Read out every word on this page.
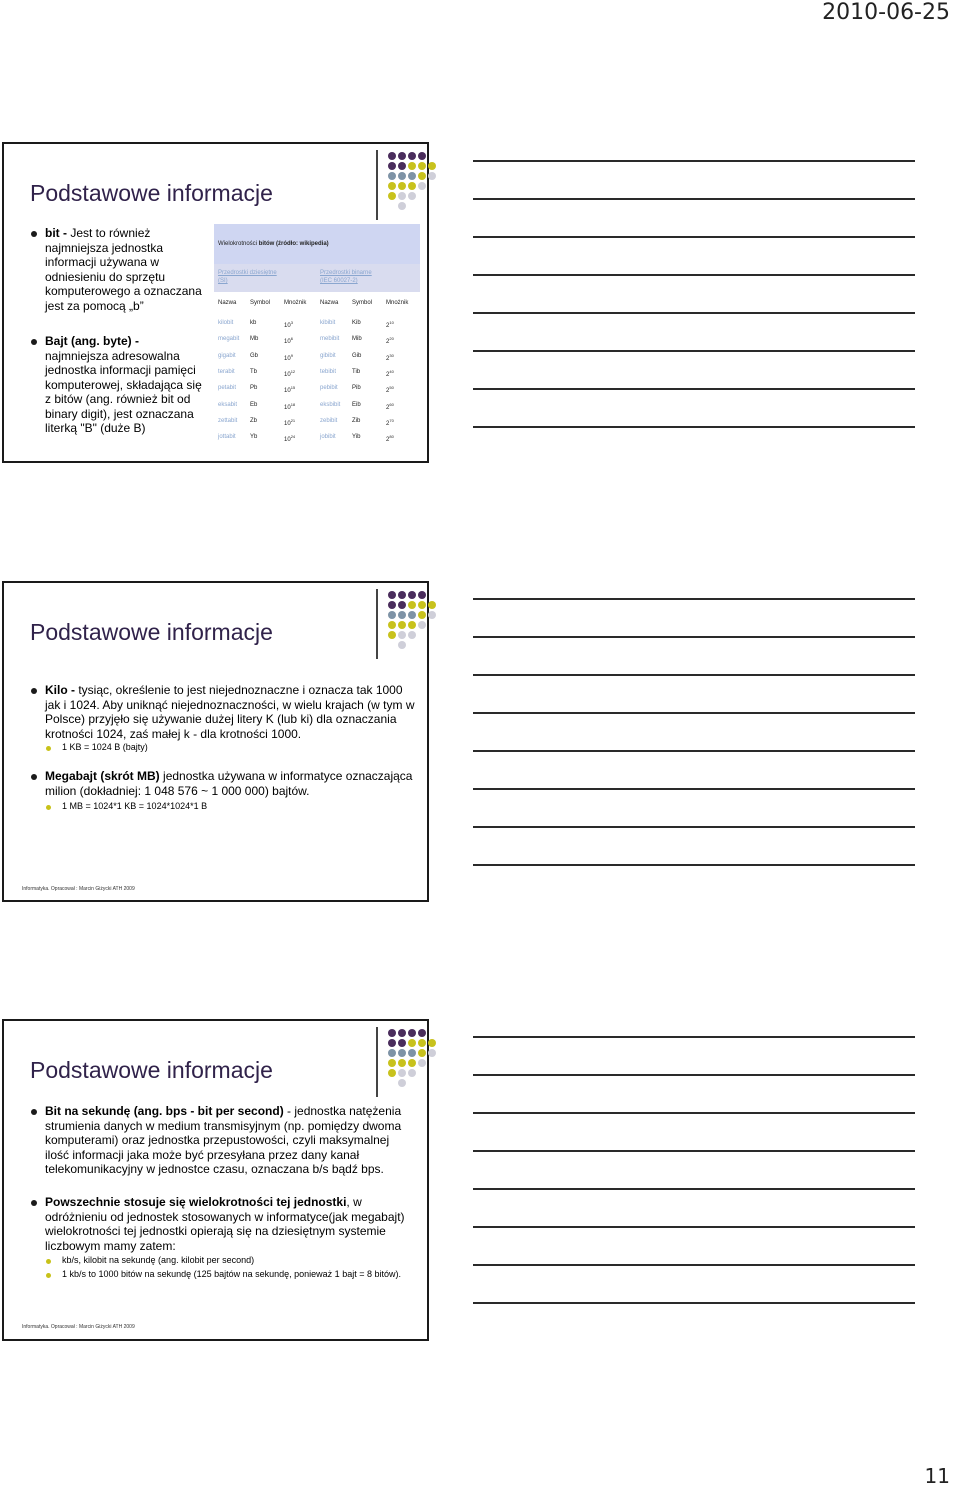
2010-06-25
Podstawowe informacje
bit - Jest to również najmniejsza jednostka informacji używana w odniesieniu do sprzętu komputerowego a oznaczana jest za pomocą „b”
Bajt (ang. byte) - najmniejsza adresowalna jednostka informacji pamięci komputerowej, składająca się z bitów (ang. również bit od binary digit), jest oznaczana literką "B" (duże B)
Wielokrotności bitów (źródło: wikipedia)
Przedrostki dziesiętne
(SI)
Przedrostki binarne
(IEC 60027-2)
Nazwa Symbol Mnożnik Nazwa Symbol Mnożnik
kilobit	kb	$10^3$	kibibit	Kib	$2^{10}$
megabit Mb	$10^6$	mebibit Mib	$2^{20}$
gigabit Gb	$10^9$	gibibit	Gib	$2^{30}$
terabit	Tb	$10^{12}$	tebibit	Tib	$2^{40}$
petabit Pb	$10^{15}$	pebibit Pib	$2^{50}$
eksabit Eb	$10^{18}$	eksbibit Eib	$2^{60}$
zettabit Zb	$10^{21}$	zebibit Zib	$2^{70}$
jottabit Yb	$10^{24}$	jobibit	Yib	$2^{80}$
Podstawowe informacje
Kilo - tysiąc, określenie to jest niejednoznaczne i oznacza tak 1000 jak i 1024. Aby uniknąć niejednoznaczności, w wielu krajach (w tym w Polsce) przyjęło się używanie dużej litery K (lub ki) dla oznaczania krotności 1024, zaś małej k - dla krotności 1000.
1 KB = 1024 B (bajty)
Megabajt (skrót MB) jednostka używana w informatyce oznaczająca milion (dokładniej: 1 048 576 ~ 1 000 000) bajtów.
1 MB = 1024*1 KB = 1024*1024*1 B
Informatyka. Opracował : Marcin Giżycki ATH 2009
Podstawowe informacje
Bit na sekundę (ang. bps - bit per second) - jednostka natężenia strumienia danych w medium transmisyjnym (np. pomiędzy dwoma komputerami) oraz jednostka przepustowości, czyli maksymalnej ilość informacji jaka może być przesyłana przez dany kanał telekomunikacyjny w jednostce czasu, oznaczana b/s bądź bps.
Powszechnie stosuje się wielokrotności tej jednostki, w odróżnieniu od jednostek stosowanych w informatyce(jak megabajt) wielokrotności tej jednostki opierają się na dziesiętnym systemie liczbowym mamy zatem:
kb/s, kilobit na sekundę (ang. kilobit per second)
1 kb/s to 1000 bitów na sekundę (125 bajtów na sekundę, ponieważ 1 bajt = 8 bitów).
Informatyka. Opracował : Marcin Giżycki ATH 2009
11
